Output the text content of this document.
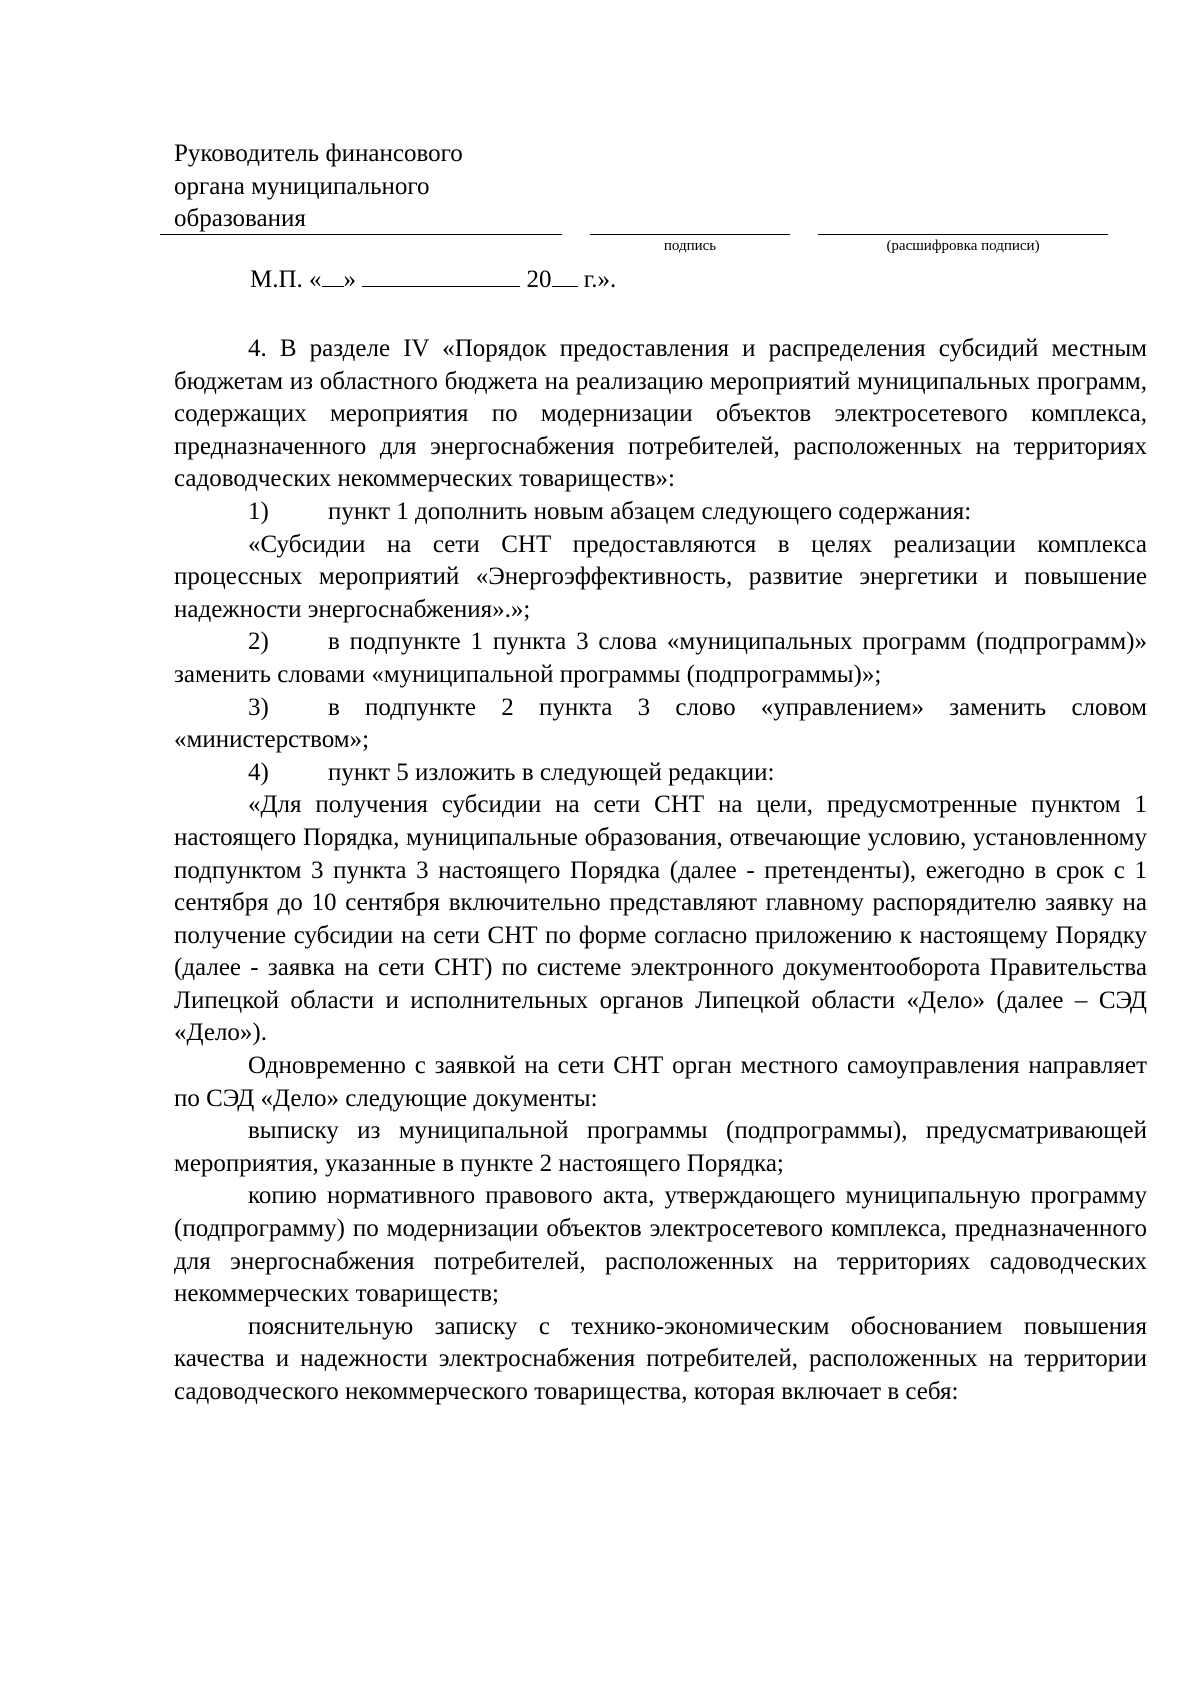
Руководитель финансового
органа муниципального
образования
подпись	(расшифровка подписи)
М.П. « »	20 г.».

4. В разделе IV «Порядок предоставления и распределения субсидий местным бюджетам из областного бюджета на реализацию мероприятий муниципальных программ, содержащих мероприятия по модернизации объектов электросетевого комплекса, предназначенного для энергоснабжения потребителей, расположенных на территориях садоводческих некоммерческих товариществ»:

1) пункт 1 дополнить новым абзацем следующего содержания:

«Субсидии на сети СНТ предоставляются в целях реализации комплекса процессных мероприятий «Энергоэффективность, развитие энергетики и повышение надежности энергоснабжения».»;

2) в подпункте 1 пункта 3 слова «муниципальных программ (подпрограмм)» заменить словами «муниципальной программы (подпрограммы)»;

3) в подпункте 2 пункта 3 слово «управлением» заменить словом «министерством»;

4) пункт 5 изложить в следующей редакции:

«Для получения субсидии на сети СНТ на цели, предусмотренные пунктом 1 настоящего Порядка, муниципальные образования, отвечающие условию, установленному подпунктом 3 пункта 3 настоящего Порядка (далее - претенденты), ежегодно в срок с 1 сентября до 10 сентября включительно представляют главному распорядителю заявку на получение субсидии на сети СНТ по форме согласно приложению к настоящему Порядку (далее - заявка на сети СНТ) по системе электронного документооборота Правительства Липецкой области и исполнительных органов Липецкой области «Дело» (далее – СЭД «Дело»).

Одновременно с заявкой на сети СНТ орган местного самоуправления направляет по СЭД «Дело» следующие документы:

выписку из муниципальной программы (подпрограммы), предусматривающей мероприятия, указанные в пункте 2 настоящего Порядка;

копию нормативного правового акта, утверждающего муниципальную программу (подпрограмму) по модернизации объектов электросетевого комплекса, предназначенного для энергоснабжения потребителей, расположенных на территориях садоводческих некоммерческих товариществ;

пояснительную записку с технико-экономическим обоснованием повышения качества и надежности электроснабжения потребителей, расположенных на территории садоводческого некоммерческого товарищества, которая включает в себя:
